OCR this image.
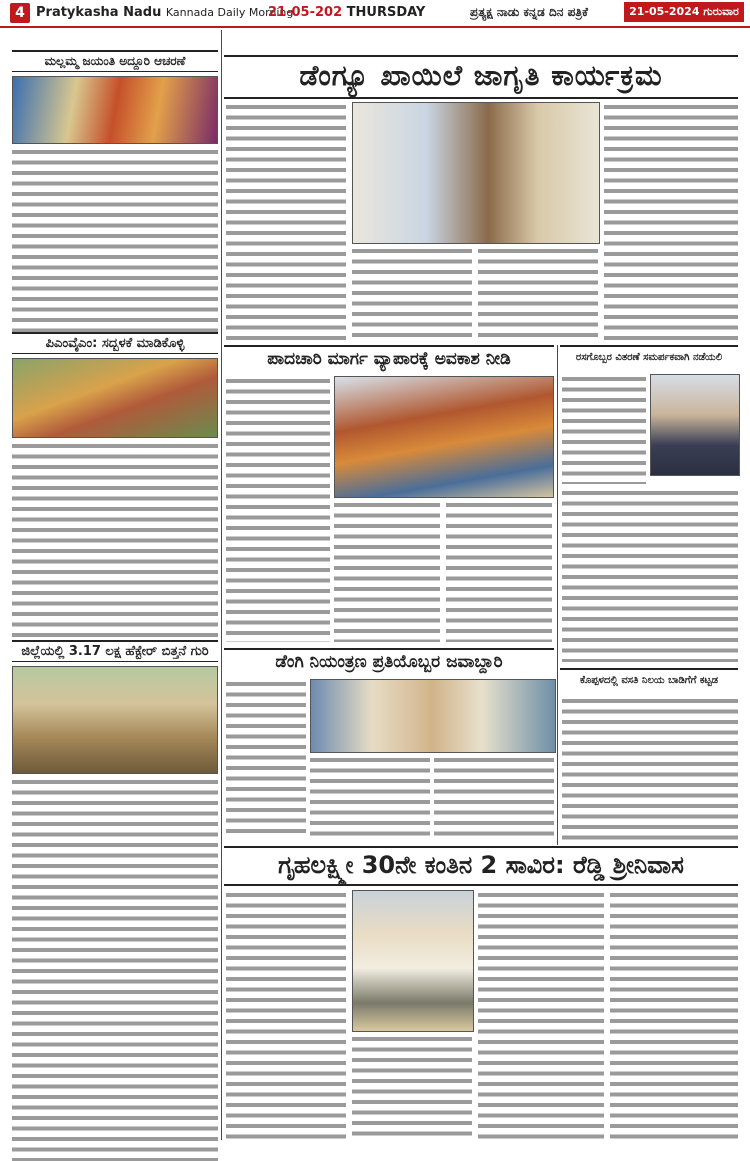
4 Pratykasha Nadu Kannada Daily Morning
21-05-202 THURSDAY	ಪ್ರತ್ಯಕ್ಷ ನಾಡು ಕನ್ನಡ ದಿನ ಪತ್ರಿಕೆ	21-05-2024 ಗುರುವಾರ
ಮಲ್ಲಮ್ಮ ಜಯಂತಿ ಅದ್ದೂರಿ ಆಚರಣೆ
ಪಿಎಂವೈಎಂ: ಸದ್ಬಳಕೆ ಮಾಡಿಕೊಳ್ಳಿ
ಜಿಲ್ಲೆಯಲ್ಲಿ 3.17 ಲಕ್ಷ ಹೆಕ್ಟೇರ್ ಬಿತ್ತನೆ ಗುರಿ
ಡೆಂಗ್ಯೂ ಖಾಯಿಲೆ ಜಾಗೃತಿ ಕಾರ್ಯಕ್ರಮ
ಪಾದಚಾರಿ ಮಾರ್ಗ ವ್ಯಾಪಾರಕ್ಕೆ ಅವಕಾಶ ನೀಡಿ	ರಸಗೊಬ್ಬರ ವಿತರಣೆ ಸಮರ್ಪಕವಾಗಿ ನಡೆಯಲಿ
ಡೆಂಗಿ ನಿಯಂತ್ರಣ ಪ್ರತಿಯೊಬ್ಬರ ಜವಾಬ್ದಾರಿ
ಕೊಪ್ಪಳದಲ್ಲಿ ವಸತಿ ನಿಲಯ ಬಾಡಿಗೆಗೆ ಕಟ್ಟಡ
ಗೃಹಲಕ್ಷ್ಮೀ 30ನೇ ಕಂತಿನ 2 ಸಾವಿರ: ರೆಡ್ಡಿ ಶ್ರೀನಿವಾಸ
